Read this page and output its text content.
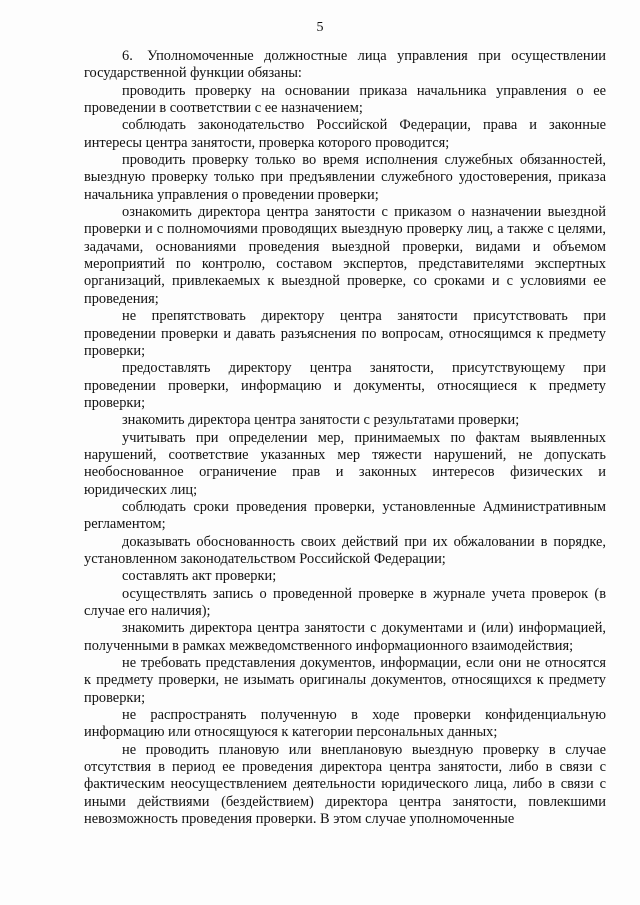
5

6. Уполномоченные должностные лица управления при осуществлении государственной функции обязаны:

проводить проверку на основании приказа начальника управления о ее проведении в соответствии с ее назначением;

соблюдать законодательство Российской Федерации, права и законные интересы центра занятости, проверка которого проводится;

проводить проверку только во время исполнения служебных обязанностей, выездную проверку только при предъявлении служебного удостоверения, приказа начальника управления о проведении проверки;

ознакомить директора центра занятости с приказом о назначении выездной проверки и с полномочиями проводящих выездную проверку лиц, а также с целями, задачами, основаниями проведения выездной проверки, видами и объемом мероприятий по контролю, составом экспертов, представителями экспертных организаций, привлекаемых к выездной проверке, со сроками и с условиями ее проведения;

не препятствовать директору центра занятости присутствовать при проведении проверки и давать разъяснения по вопросам, относящимся к предмету проверки;

предоставлять директору центра занятости, присутствующему при проведении проверки, информацию и документы, относящиеся к предмету проверки;

знакомить директора центра занятости с результатами проверки;

учитывать при определении мер, принимаемых по фактам выявленных нарушений, соответствие указанных мер тяжести нарушений, не допускать необоснованное ограничение прав и законных интересов физических и юридических лиц;

соблюдать сроки проведения проверки, установленные Административным регламентом;

доказывать обоснованность своих действий при их обжаловании в порядке, установленном законодательством Российской Федерации;

составлять акт проверки;

осуществлять запись о проведенной проверке в журнале учета проверок (в случае его наличия);

знакомить директора центра занятости с документами и (или) информацией, полученными в рамках межведомственного информационного взаимодействия;

не требовать представления документов, информации, если они не относятся к предмету проверки, не изымать оригиналы документов, относящихся к предмету проверки;

не распространять полученную в ходе проверки конфиденциальную информацию или относящуюся к категории персональных данных;

не проводить плановую или внеплановую выездную проверку в случае отсутствия в период ее проведения директора центра занятости, либо в связи с фактическим неосуществлением деятельности юридического лица, либо в связи с иными действиями (бездействием) директора центра занятости, повлекшими невозможность проведения проверки. В этом случае уполномоченные
